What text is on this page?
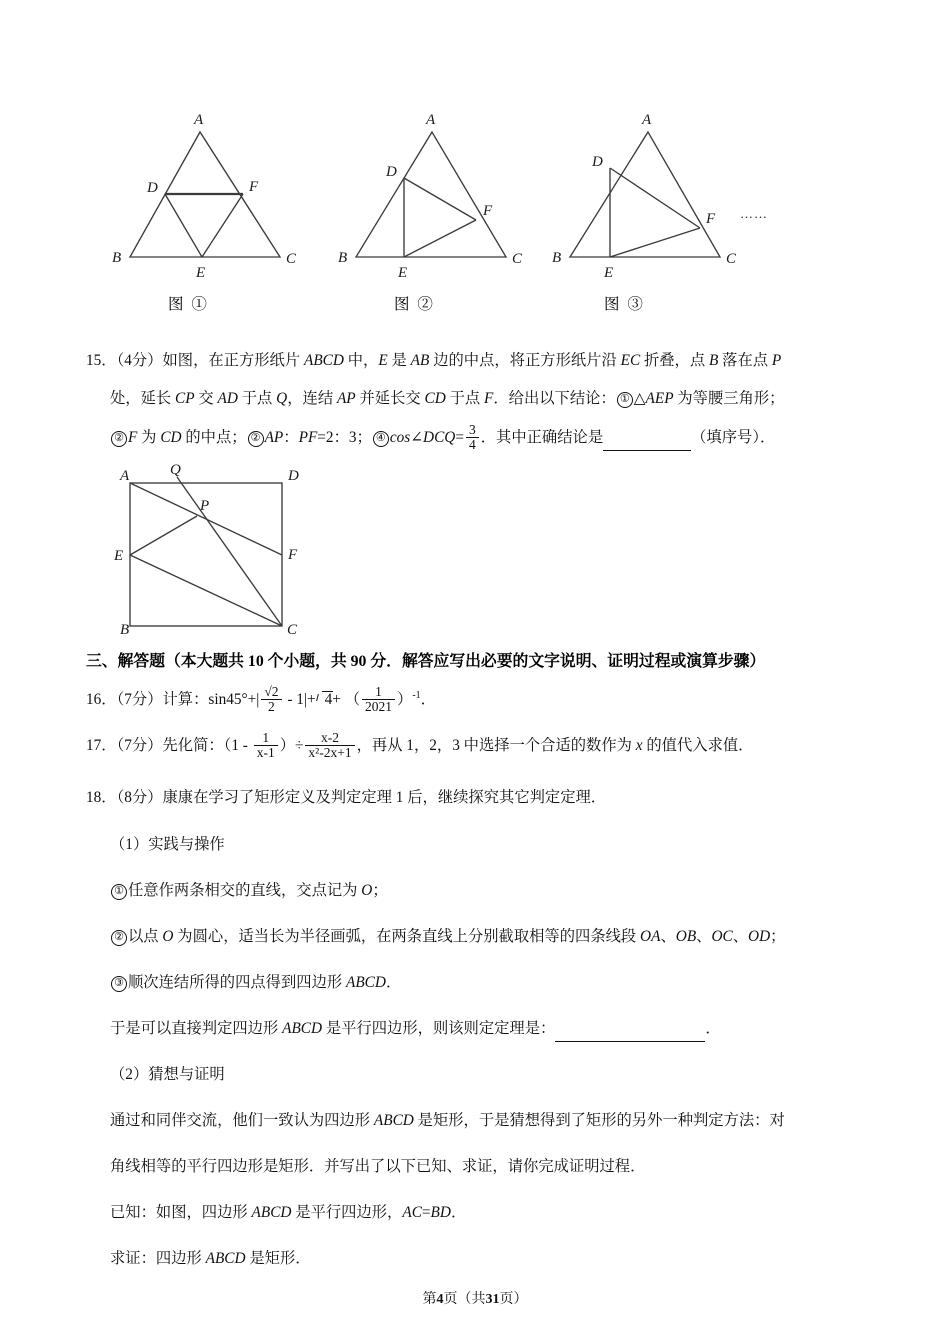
A
B	C
D
E
F
图 ①
A
B	C
D
E
F
图 ②
A
B	C
D
E
F ……
图 ③
15．（4分）如图，在正方形纸片 ABCD 中，E 是 AB 边的中点，将正方形纸片沿 EC 折叠，点 B 落在点 P
处，延长 CP 交 AD 于点 Q，连结 AP 并延长交 CD 于点 F．给出以下结论： ① △AEP 为等腰三角形；
② F 为 CD 的中点； ② AP：PF=2：3； ④ cos∠DCQ= $\frac{3}{4}$ ．其中正确结论是	（填序号）．
A
B	C
D
E	F
P
Q
三、解答题（本大题共 10 个小题，共 90 分．解答应写出必要的文字说明、证明过程或演算步骤）
16．（7分）计算：$\sin 45^\circ+| \frac{√2}{2} - 1|+ 4+$ （ $\frac{1}{2021} )^{-1}$．
17．（7分）先化简：（$1 - \frac{1}{x-1}$ ）÷ $\frac{x-2}{\text{x²-2x+1}}$ ，再从 1，2，3 中选择一个合适的数作为 x 的值代入求值．
18．（8分）康康在学习了矩形定义及判定定理 1 后，继续探究其它判定定理．
（1）实践与操作
① 任意作两条相交的直线，交点记为 O；
② 以点 O 为圆心，适当长为半径画弧，在两条直线上分别截取相等的四条线段 OA、OB、OC、OD；
③ 顺次连结所得的四点得到四边形 ABCD．
于是可以直接判定四边形 ABCD 是平行四边形，则该则定定理是：	．
（2）猜想与证明
通过和同伴交流，他们一致认为四边形 ABCD 是矩形，于是猜想得到了矩形的另外一种判定方法：对
角线相等的平行四边形是矩形．并写出了以下已知、求证，请你完成证明过程．
已知：如图，四边形 ABCD 是平行四边形，AC=BD．
求证：四边形 ABCD 是矩形．
第4页（共31页）
